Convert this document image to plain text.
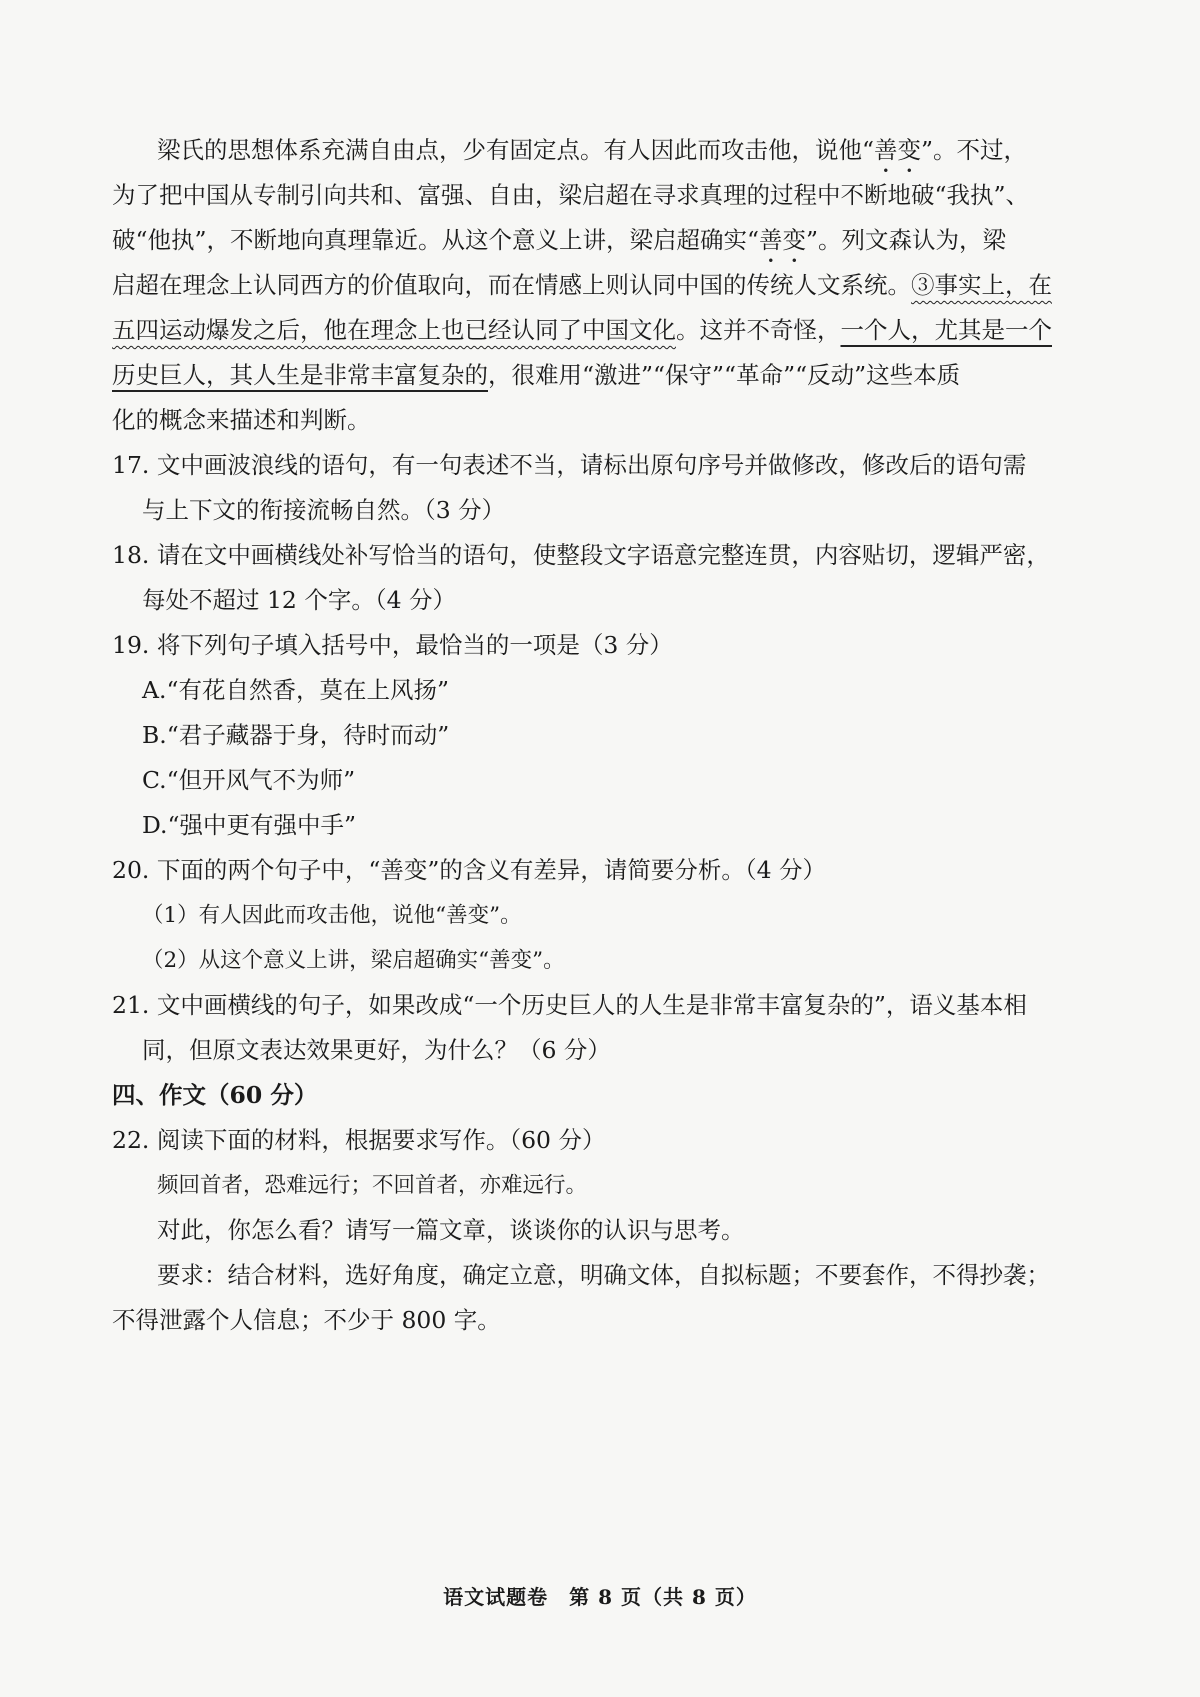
梁氏的思想体系充满自由点，少有固定点。有人因此而攻击他，说他“善变”。不过，
为了把中国从专制引向共和、富强、自由，梁启超在寻求真理的过程中不断地破“我执”、
破“他执”，不断地向真理靠近。从这个意义上讲，梁启超确实“善变”。列文森认为，梁
启超在理念上认同西方的价值取向，而在情感上则认同中国的传统人文系统。③事实上，在
五四运动爆发之后，他在理念上也已经认同了中国文化。这并不奇怪，一个人，尤其是一个
历史巨人，其人生是非常丰富复杂的，很难用“激进”“保守”“革命”“反动”这些本质
化的概念来描述和判断。
17. 文中画波浪线的语句，有一句表述不当，请标出原句序号并做修改，修改后的语句需
与上下文的衔接流畅自然。（3 分）
18. 请在文中画横线处补写恰当的语句，使整段文字语意完整连贯，内容贴切，逻辑严密，
每处不超过 12 个字。（4 分）
19. 将下列句子填入括号中，最恰当的一项是（3 分）
A.“有花自然香，莫在上风扬”
B.“君子藏器于身，待时而动”
C.“但开风气不为师”
D.“强中更有强中手”
20. 下面的两个句子中，“善变”的含义有差异，请简要分析。（4 分）
（1）有人因此而攻击他，说他“善变”。
（2）从这个意义上讲，梁启超确实“善变”。
21. 文中画横线的句子，如果改成“一个历史巨人的人生是非常丰富复杂的”，语义基本相
同，但原文表达效果更好，为什么？（6 分）
四、作文（60 分）
22. 阅读下面的材料，根据要求写作。（60 分）
频回首者，恐难远行；不回首者，亦难远行。
对此，你怎么看？请写一篇文章，谈谈你的认识与思考。
要求：结合材料，选好角度，确定立意，明确文体，自拟标题；不要套作，不得抄袭；
不得泄露个人信息；不少于 800 字。
语文试题卷　第 8 页（共 8 页）
